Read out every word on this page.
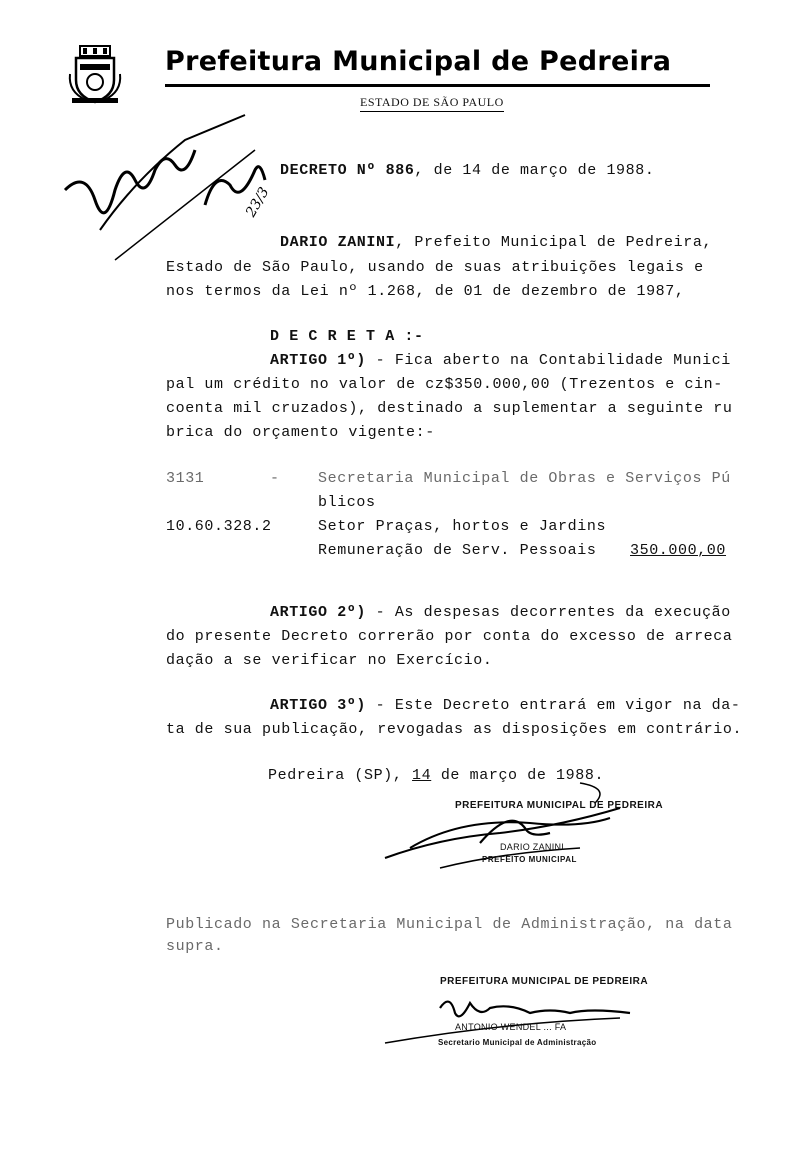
Prefeitura Municipal de Pedreira
ESTADO DE SÃO PAULO
23/3
DECRETO Nº 886, de 14 de março de 1988.
DARIO ZANINI, Prefeito Municipal de Pedreira,
Estado de São Paulo, usando de suas atribuições legais e
nos termos da Lei nº 1.268, de 01 de dezembro de 1987,
D E C R E T A :-
ARTIGO 1º) - Fica aberto na Contabilidade Munici
pal um crédito no valor de cz$350.000,00 (Trezentos e cin-
coenta mil cruzados), destinado a suplementar a seguinte ru
brica do orçamento vigente:-
3131	-	Secretaria Municipal de Obras e Serviços Pú
blicos
10.60.328.2	Setor Praças, hortos e Jardins
Remuneração de Serv. Pessoais 350.000,00
ARTIGO 2º) - As despesas decorrentes da execução
do presente Decreto correrão por conta do excesso de arreca
dação a se verificar no Exercício.
ARTIGO 3º) - Este Decreto entrará em vigor na da-
ta de sua publicação, revogadas as disposições em contrário.
Pedreira (SP), 14 de março de 1988.
PREFEITURA MUNICIPAL DE PEDREIRA
DARIO ZANINI
PREFEITO MUNICIPAL
Publicado na Secretaria Municipal de Administração, na data
supra.
PREFEITURA MUNICIPAL DE PEDREIRA
ANTONIO WENDEL ... FA
Secretario Municipal de Administração
